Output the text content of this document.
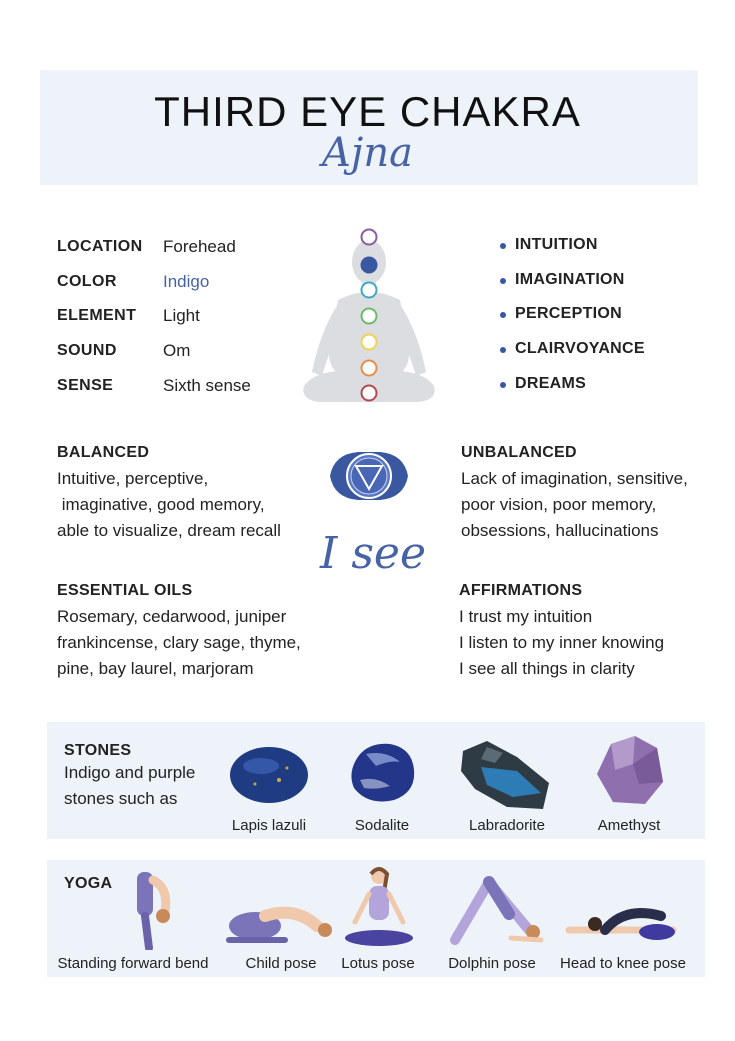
THIRD EYE CHAKRA
Ajna
LOCATION Forehead
COLOR	Indigo
ELEMENT Light
SOUND	Om
SENSE	Sixth sense
INTUITION
IMAGINATION
PERCEPTION
CLAIRVOYANCE
DREAMS
BALANCED
Intuitive, perceptive,
imaginative, good memory,
able to visualize, dream recall I see
UNBALANCED
Lack of imagination, sensitive,
poor vision, poor memory,
obsessions, hallucinations
ESSENTIAL OILS
Rosemary, cedarwood, juniper
frankincense, clary sage, thyme,
pine, bay laurel, marjoram
AFFIRMATIONS
I trust my intuition
I listen to my inner knowing
I see all things in clarity
STONES
Indigo and purple
stones such as
Lapis lazuli	Sodalite	Labradorite	Amethyst
YOGA
Standing forward bend	Child pose	Lotus pose	Dolphin pose	Head to knee pose
